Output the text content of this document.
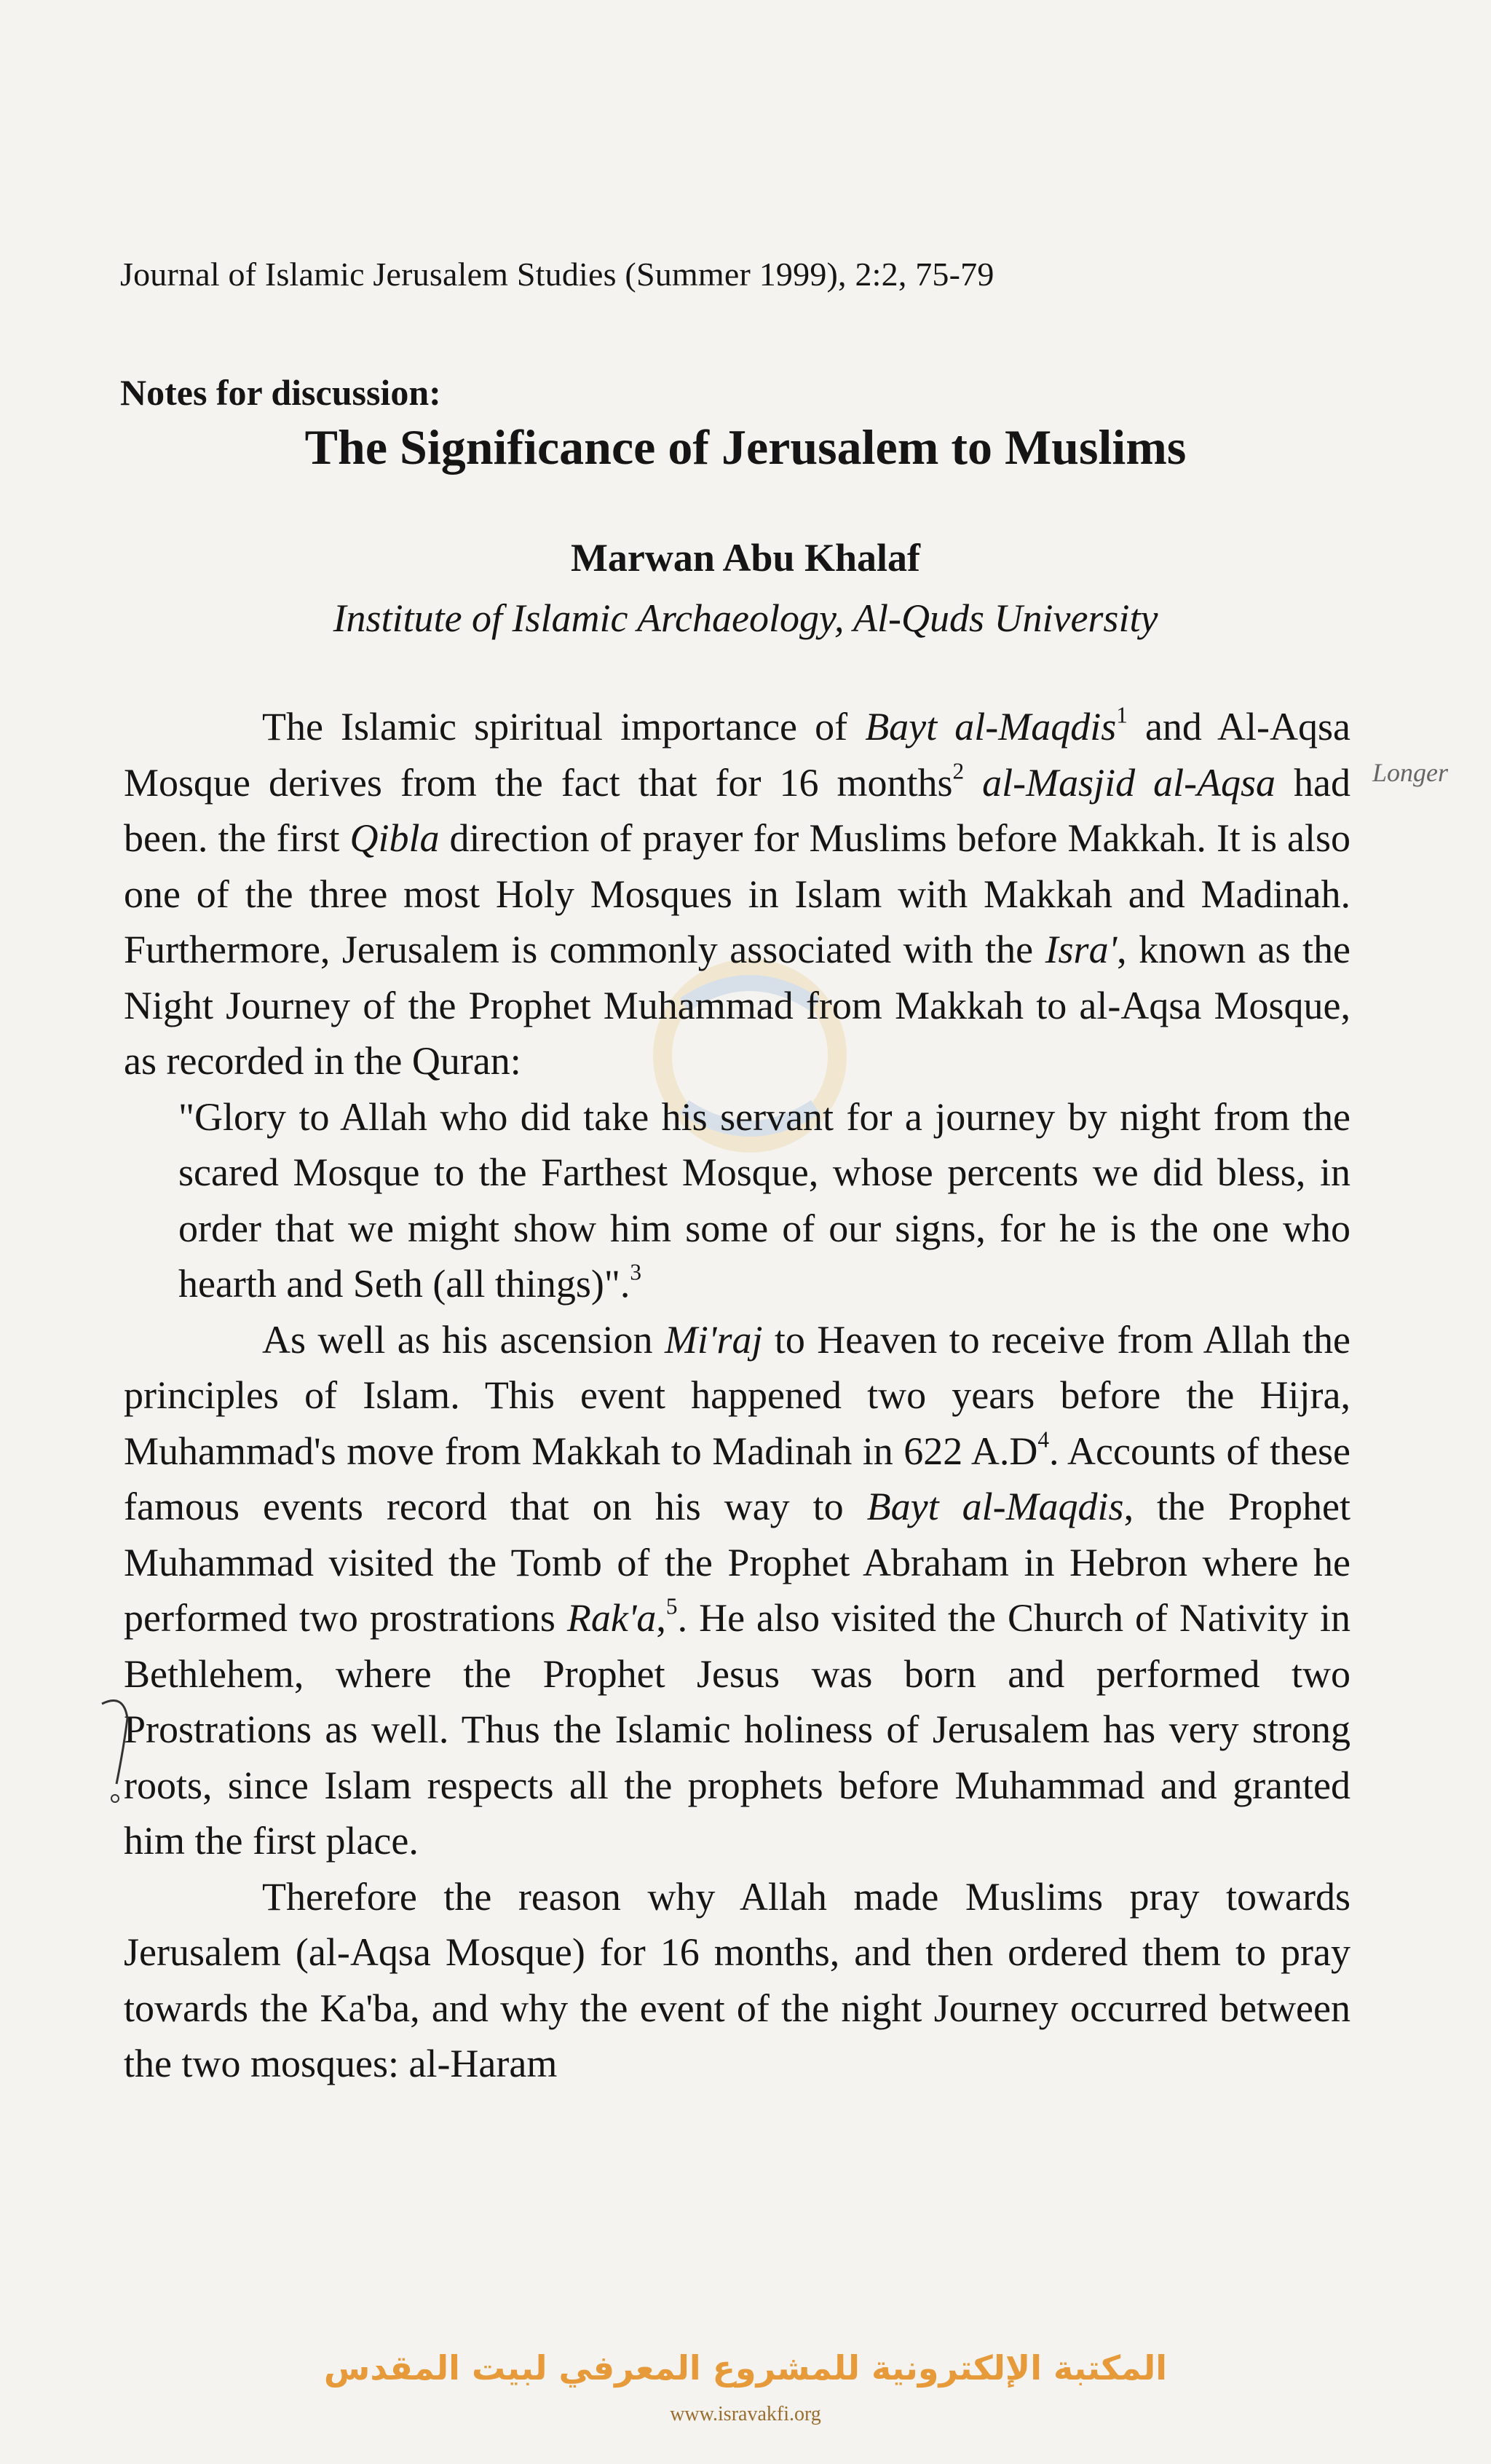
Journal of Islamic Jerusalem Studies (Summer 1999), 2:2, 75-79
Notes for discussion:
The Significance of Jerusalem to Muslims
Marwan Abu Khalaf
Institute of Islamic Archaeology, Al-Quds University

The Islamic spiritual importance of Bayt al-Maqdis$^1$ and Al-Aqsa Mosque derives from the fact that for 16 months$^2$ al-Masjid al-Aqsa had been. the first Qibla direction of prayer for Muslims before Makkah. It is also one of the three most Holy Mosques in Islam with Makkah and Madinah. Furthermore, Jerusalem is commonly associated with the Isra', known as the Night Journey of the Prophet Muhammad from Makkah to al-Aqsa Mosque, as recorded in the Quran:

"Glory to Allah who did take his servant for a journey by night from the scared Mosque to the Farthest Mosque, whose percents we did bless, in order that we might show him some of our signs, for he is the one who hearth and Seth (all things)".$^3$

As well as his ascension Mi'raj to Heaven to receive from Allah the principles of Islam. This event happened two years before the Hijra, Muhammad's move from Makkah to Madinah in 622 $A.D^4$. Accounts of these famous events record that on his way to Bayt al-Maqdis, the Prophet Muhammad visited the Tomb of the Prophet Abraham in Hebron where he performed two prostrations Rak'a,$^5$. He also visited the Church of Nativity in Bethlehem, where the Prophet Jesus was born and performed two Prostrations as well. Thus the Islamic holiness of Jerusalem has very strong roots, since Islam respects all the prophets before Muhammad and granted him the first place.

Therefore the reason why Allah made Muslims pray towards Jerusalem (al-Aqsa Mosque) for 16 months, and then ordered them to pray towards the Ka'ba, and why the event of the night Journey occurred between the two mosques: al-Haram

Longer
المكتبة الإلكترونية للمشروع المعرفي لبيت المقدس
www.isravakfi.org
